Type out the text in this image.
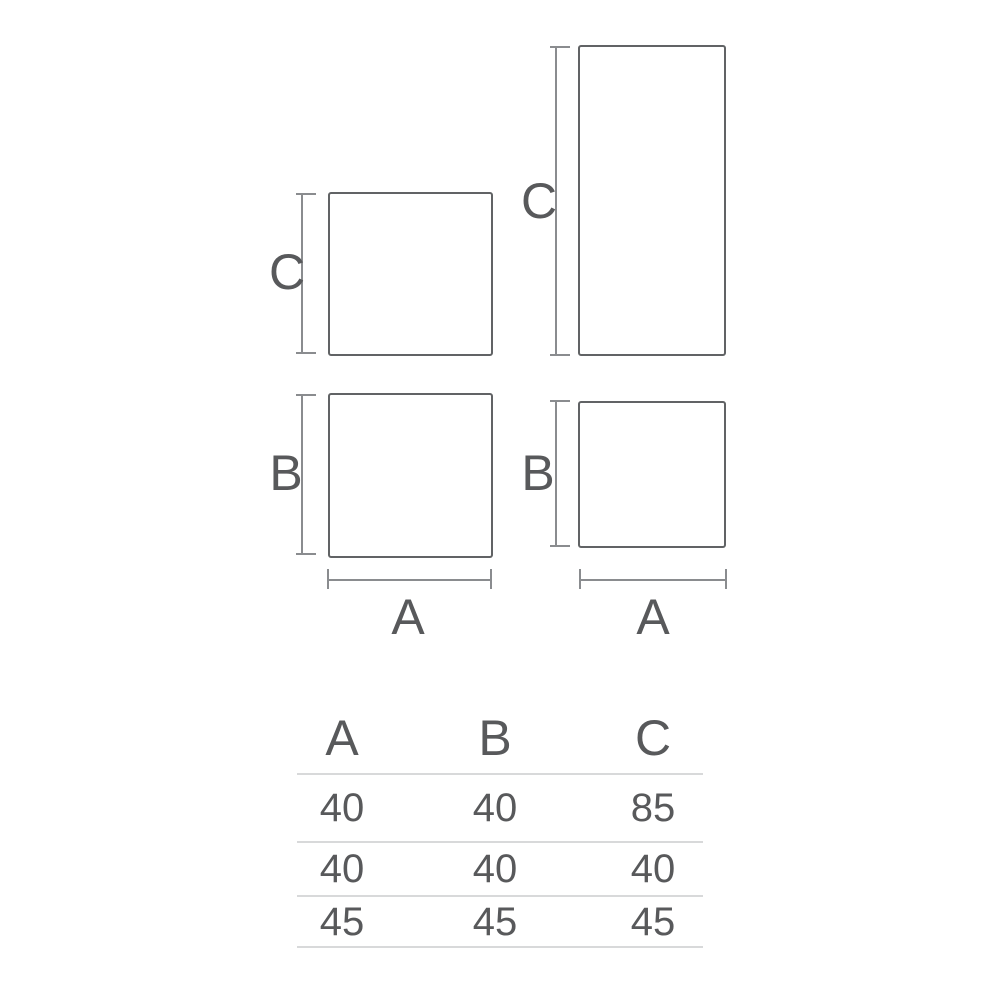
C
C
B
A
B
A
A B C
40	40	85
40	40	40
45	45	45
